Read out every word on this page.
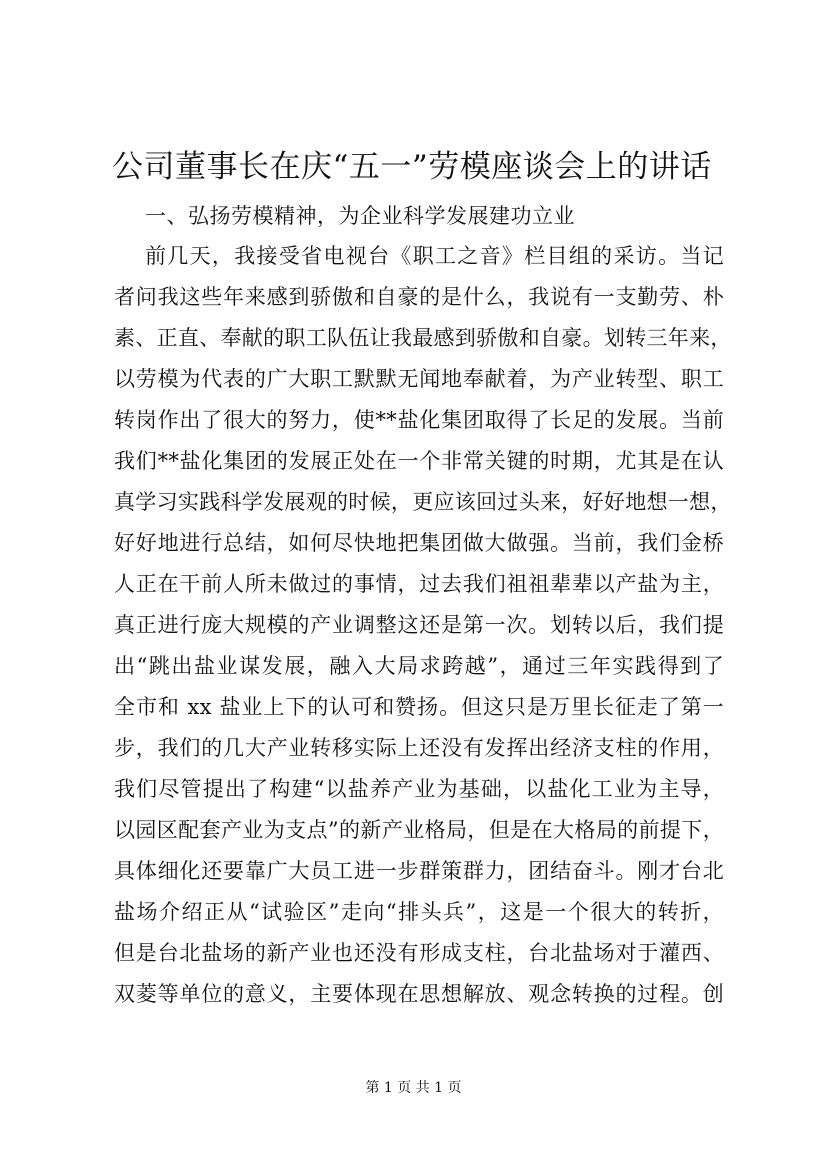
公司董事长在庆“五一”劳模座谈会上的讲话
一、弘扬劳模精神，为企业科学发展建功立业
前几天，我接受省电视台《职工之音》栏目组的采访。当记
者问我这些年来感到骄傲和自豪的是什么，我说有一支勤劳、朴
素、正直、奉献的职工队伍让我最感到骄傲和自豪。划转三年来，
以劳模为代表的广大职工默默无闻地奉献着，为产业转型、职工
转岗作出了很大的努力，使**盐化集团取得了长足的发展。当前
我们**盐化集团的发展正处在一个非常关键的时期，尤其是在认
真学习实践科学发展观的时候，更应该回过头来，好好地想一想，
好好地进行总结，如何尽快地把集团做大做强。当前，我们金桥
人正在干前人所未做过的事情，过去我们祖祖辈辈以产盐为主，
真正进行庞大规模的产业调整这还是第一次。划转以后，我们提
出“跳出盐业谋发展，融入大局求跨越”，通过三年实践得到了
全市和 xx 盐业上下的认可和赞扬。但这只是万里长征走了第一
步，我们的几大产业转移实际上还没有发挥出经济支柱的作用，
我们尽管提出了构建“以盐养产业为基础，以盐化工业为主导，
以园区配套产业为支点”的新产业格局，但是在大格局的前提下，
具体细化还要靠广大员工进一步群策群力，团结奋斗。刚才台北
盐场介绍正从“试验区”走向“排头兵”，这是一个很大的转折，
但是台北盐场的新产业也还没有形成支柱，台北盐场对于灌西、
双菱等单位的意义，主要体现在思想解放、观念转换的过程。创
第 1 页 共 1 页
